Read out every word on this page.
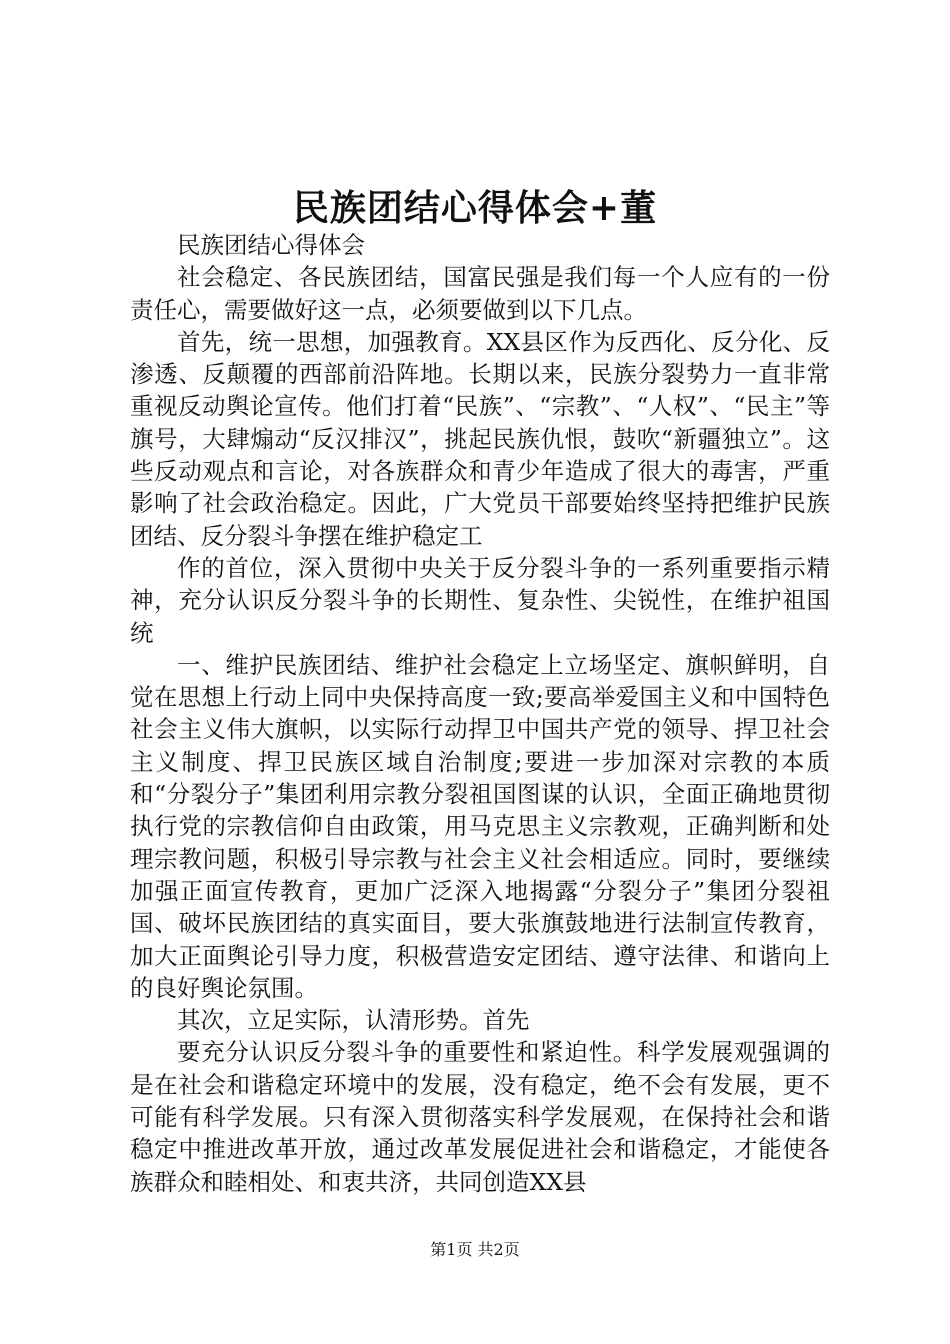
民族团结心得体会+董

民族团结心得体会

社会稳定、各民族团结，国富民强是我们每一个人应有的一份责任心，需要做好这一点，必须要做到以下几点。

首先，统一思想，加强教育。XX县区作为反西化、反分化、反渗透、反颠覆的西部前沿阵地。长期以来，民族分裂势力一直非常重视反动舆论宣传。他们打着“民族”、“宗教”、“人权”、“民主”等旗号，大肆煽动“反汉排汉”，挑起民族仇恨，鼓吹“新疆独立”。这些反动观点和言论，对各族群众和青少年造成了很大的毒害，严重影响了社会政治稳定。因此，广大党员干部要始终坚持把维护民族团结、反分裂斗争摆在维护稳定工

作的首位，深入贯彻中央关于反分裂斗争的一系列重要指示精神，充分认识反分裂斗争的长期性、复杂性、尖锐性，在维护祖国统

一、维护民族团结、维护社会稳定上立场坚定、旗帜鲜明，自觉在思想上行动上同中央保持高度一致;要高举爱国主义和中国特色社会主义伟大旗帜，以实际行动捍卫中国共产党的领导、捍卫社会主义制度、捍卫民族区域自治制度;要进一步加深对宗教的本质和“分裂分子”集团利用宗教分裂祖国图谋的认识，全面正确地贯彻执行党的宗教信仰自由政策，用马克思主义宗教观，正确判断和处理宗教问题，积极引导宗教与社会主义社会相适应。同时，要继续加强正面宣传教育，更加广泛深入地揭露“分裂分子”集团分裂祖国、破坏民族团结的真实面目，要大张旗鼓地进行法制宣传教育，加大正面舆论引导力度，积极营造安定团结、遵守法律、和谐向上的良好舆论氛围。

其次，立足实际，认清形势。首先

要充分认识反分裂斗争的重要性和紧迫性。科学发展观强调的是在社会和谐稳定环境中的发展，没有稳定，绝不会有发展，更不可能有科学发展。只有深入贯彻落实科学发展观，在保持社会和谐稳定中推进改革开放，通过改革发展促进社会和谐稳定，才能使各族群众和睦相处、和衷共济，共同创造XX县

第1页 共2页
